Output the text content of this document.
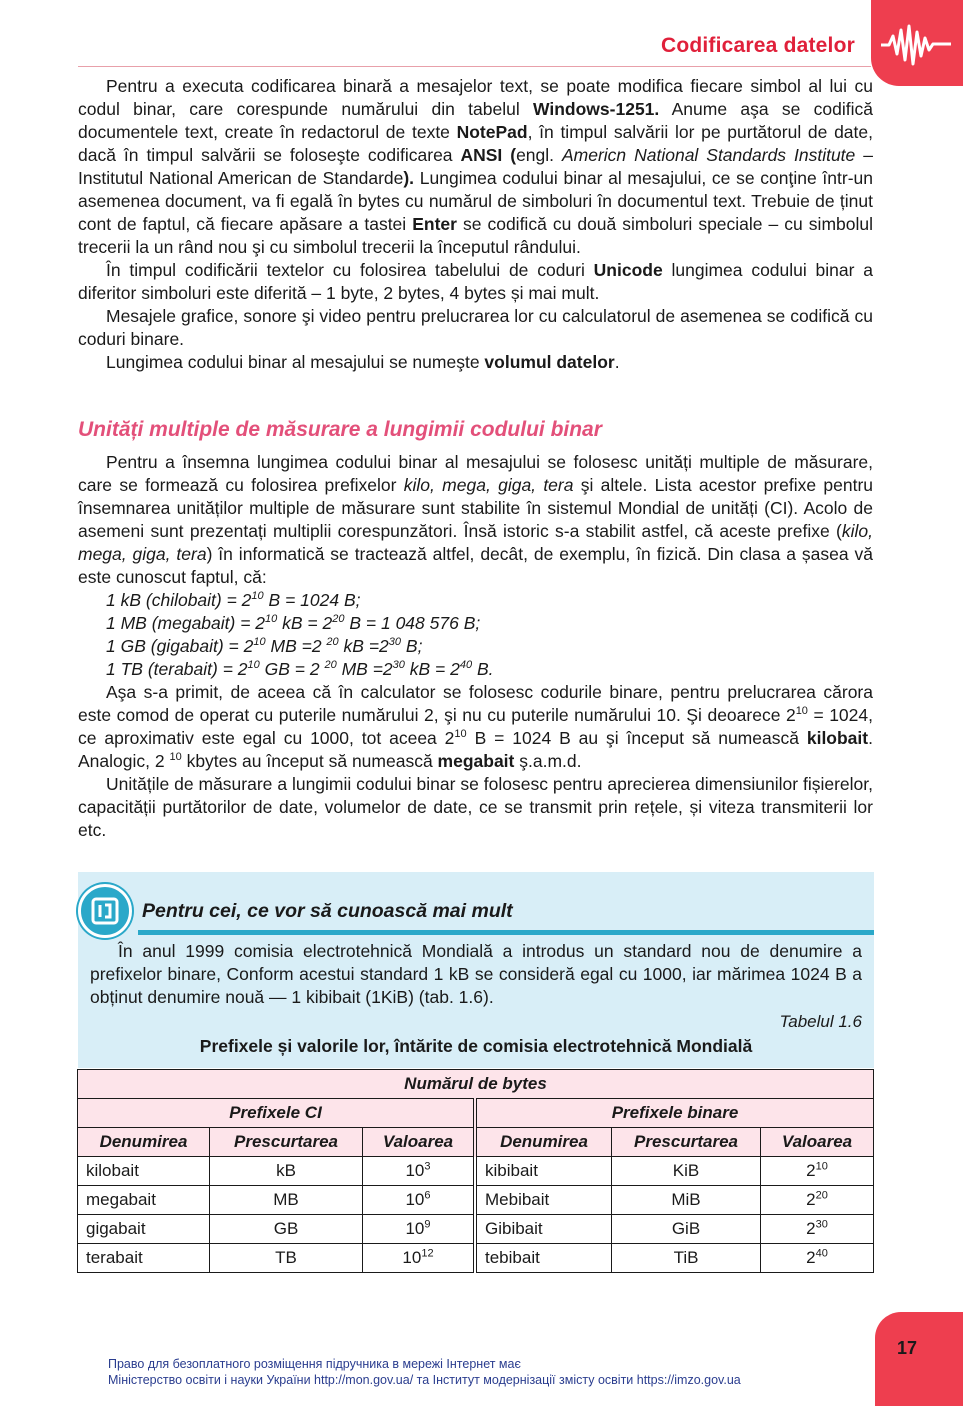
Codificarea datelor

Pentru a executa codificarea binară a mesajelor text, se poate modifica fiecare simbol al lui cu codul binar, care corespunde numărului din tabelul Windows-1251. Anume aşa se codifică documentele text, create în redactorul de texte NotePad, în timpul salvării lor pe purtătorul de date, dacă în timpul salvării se foloseşte codificarea ANSI (engl. Americn National Standards Institute – Institutul National American de Standarde). Lungimea codului binar al mesajului, ce se conţine într-un asemenea document, va fi egală în bytes cu numărul de simboluri în documentul text. Trebuie de ținut cont de faptul, că fiecare apăsare a tastei Enter se codifică cu două simboluri speciale – cu simbolul trecerii la un rând nou şi cu simbolul trecerii la începutul rândului.

În timpul codificării textelor cu folosirea tabelului de coduri Unicode lungimea codului binar a diferitor simboluri este diferită – 1 byte, 2 bytes, 4 bytes și mai mult.

Mesajele grafice, sonore şi video pentru prelucrarea lor cu calculatorul de asemenea se codifică cu coduri binare.

Lungimea codului binar al mesajului se numeşte volumul datelor.

Unități multiple de măsurare a lungimii codului binar

Pentru a însemna lungimea codului binar al mesajului se folosesc unități multiple de măsurare, care se formează cu folosirea prefixelor kilo, mega, giga, tera şi altele. Lista acestor prefixe pentru însemnarea unităților multiple de măsurare sunt stabilite în sistemul Mondial de unități (CI). Acolo de asemeni sunt prezentați multiplii corespunzători. Însă istoric s-a stabilit astfel, că aceste prefixe (kilo, mega, giga, tera) în informatică se tractează altfel, decât, de exemplu, în fizică. Din clasa a șasea vă este cunoscut faptul, că:

1 kB (chilobait) = $2^{10}$ B = 1024 B;

1 MB (megabait) = $2^{10}$ kB = $2^{20}$ B = 1 048 576 B;

1 GB (gigabait) = $2^{10}$ MB =2 $^{20}$ kB $=2^{30}$ B;

1 TB (terabait) = $2^{10}$ GB = 2 $^{20}$ MB $=2^{30}$ kB = $2^{40}$ B.

Aşa s-a primit, de aceea că în calculator se folosesc codurile binare, pentru prelucrarea cărora este comod de operat cu puterile numărului 2, şi nu cu puterile numărului 10. Şi deoarece $2^{10} = 1024$, ce aproximativ este egal cu 1000, tot aceea $2^{10}$ B = 1024 B au şi început să numească kilobait. Analogic, 2 $^{10}$ kbytes au început să numească megabait ş.a.m.d.

Unitățile de măsurare a lungimii codului binar se folosesc pentru aprecierea dimensiunilor fișierelor, capacității purtătorilor de date, volumelor de date, ce se transmit prin rețele, și viteza transmiterii lor etc.

Pentru cei, ce vor să cunoască mai mult

În anul 1999 comisia electrotehnică Mondială a introdus un standard nou de denumire a prefixelor binare, Conform acestui standard 1 kB se consideră egal cu 1000, iar mărimea 1024 B a obținut denumire nouă — 1 kibibait (1KiB) (tab. 1.6).

Tabelul 1.6
Prefixele și valorile lor, întărite de comisia electrotehnică Mondială
Numărul de bytes					
Prefixele CI			Prefixele binare		
Denumirea	Prescurtarea	Valoarea	Denumirea	Prescurtarea	Valoarea
kilobait	kB	$10^3$	kibibait	KiB	$2^{10}$
megabait	MB	$10^6$	Mebibait	MiB	$2^{20}$
gigabait	GB	$10^9$	Gibibait	GiB	$2^{30}$
terabait	TB	$10^{12}$	tebibait	TiB	$2^{40}$
17
Право для безоплатного розміщення підручника в мережі Інтернет має
Міністерство освіти і науки України http://mon.gov.ua/ та Інститут модернізації змісту освіти https://imzo.gov.ua
